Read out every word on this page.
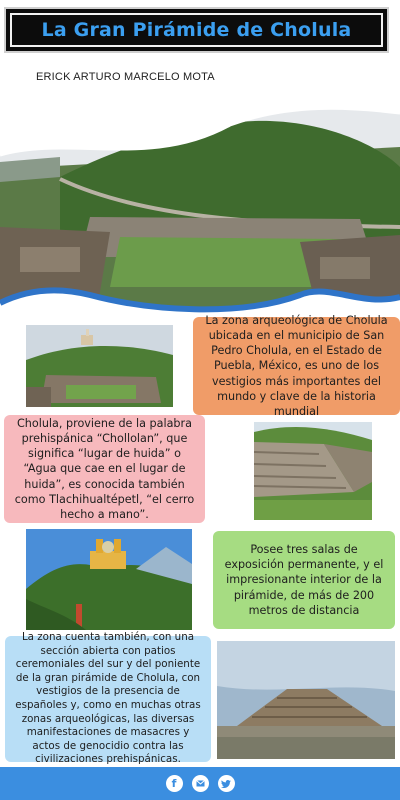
La Gran Pirámide de Cholula
ERICK ARTURO MARCELO MOTA
La zona arqueológica de Cholula ubicada en el municipio de San Pedro Cholula, en el Estado de Puebla, México, es uno de los vestigios más importantes del mundo y clave de la historia mundial
Cholula, proviene de la palabra prehispánica “Chollolan”, que significa “lugar de huida” o “Agua que cae en el lugar de huida”, es conocida también como Tlachihualtépetl, “el cerro hecho a mano”.
Posee tres salas de exposición permanente, y el impresionante interior de la pirámide, de más de 200 metros de distancia
La zona cuenta también, con una sección abierta con patios ceremoniales del sur y del poniente de la gran pirámide de Cholula, con vestigios de la presencia de españoles y, como en muchas otras zonas arqueológicas, las diversas manifestaciones de masacres y actos de genocidio contra las civilizaciones prehispánicas.
f
